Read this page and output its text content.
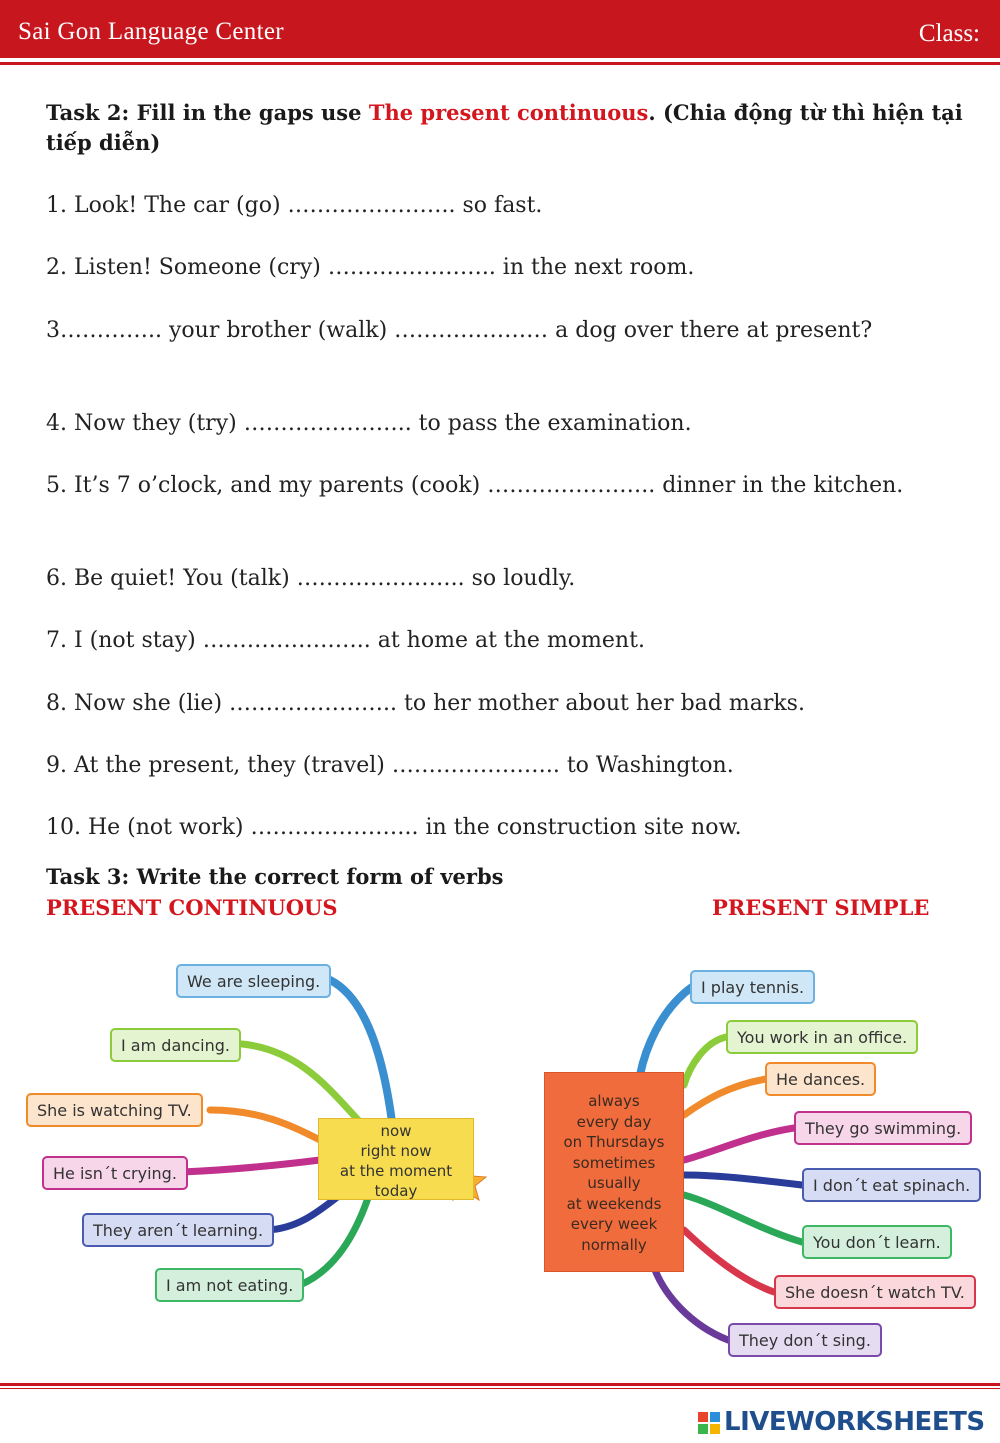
Sai Gon Language Center	Class:
Task 2: Fill in the gaps use The present continuous. (Chia động từ thì hiện tại tiếp diễn)
1. Look! The car (go) ………………….. so fast.
2. Listen! Someone (cry) ………………….. in the next room.
3………….. your brother (walk) ………………… a dog over there at present?
4. Now they (try) ………………….. to pass the examination.
5. It’s 7 o’clock, and my parents (cook) ………………….. dinner in the kitchen.
6. Be quiet! You (talk) ………………….. so loudly.
7. I (not stay) ………………….. at home at the moment.
8. Now she (lie) ………………….. to her mother about her bad marks.
9. At the present, they (travel) ………………….. to Washington.
10. He (not work) ………………….. in the construction site now.
Task 3: Write the correct form of verbs
PRESENT CONTINUOUS	PRESENT SIMPLE
now
right now
at the moment
today
We are sleeping.
I am dancing.
She is watching TV.
He isn´t crying.
They aren´t learning.
I am not eating.
always
every day
on Thursdays
sometimes
usually
at weekends
every week
normally
I play tennis.
You work in an office.
He dances.
They go swimming.
I don´t eat spinach.
You don´t learn.
She doesn´t watch TV.
They don´t sing.
LIVEWORKSHEETS
